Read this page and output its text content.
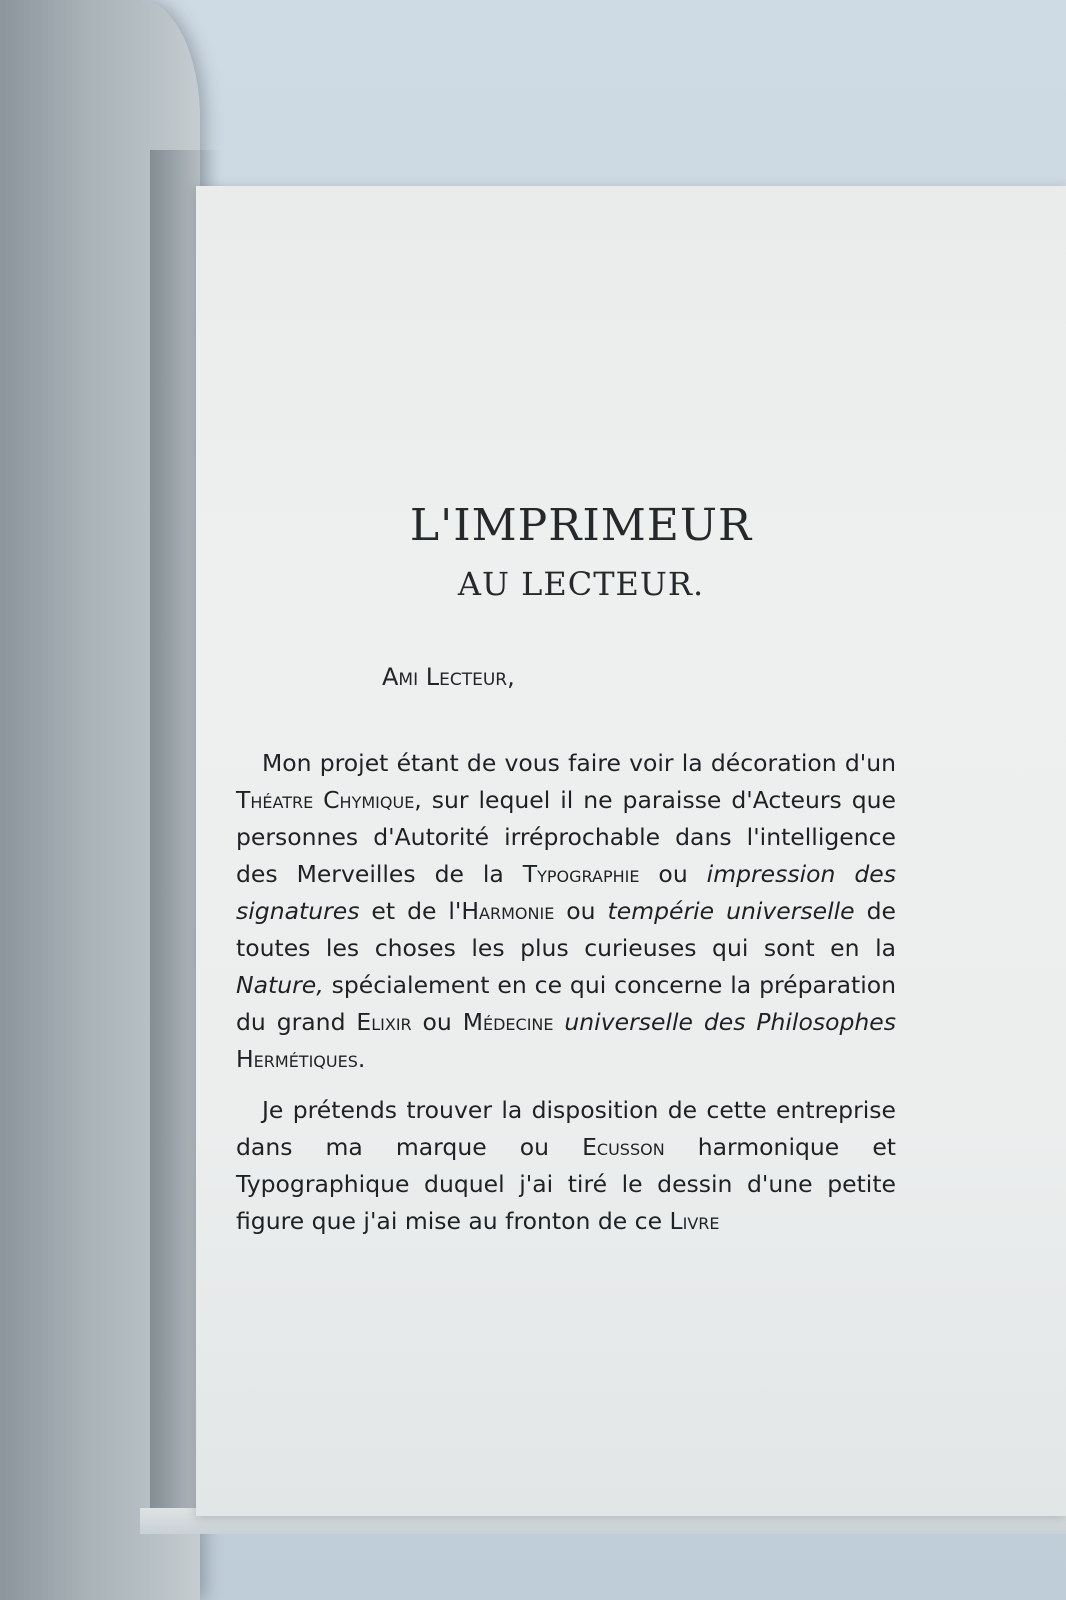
L'IMPRIMEUR
AU LECTEUR.
Ami Lecteur,

Mon projet étant de vous faire voir la décoration d'un Théatre Chymique, sur lequel il ne paraisse d'Acteurs que personnes d'Autorité irréprochable dans l'intelligence des Merveilles de la Typographie ou impression des signatures et de l'Harmonie ou tempérie universelle de toutes les choses les plus curieuses qui sont en la Nature, spécialement en ce qui concerne la préparation du grand Elixir ou Médecine universelle des Philosophes Hermétiques.

Je prétends trouver la disposition de cette entreprise dans ma marque ou Ecusson harmonique et Typographique duquel j'ai tiré le dessin d'une petite figure que j'ai mise au fronton de ce Livre
